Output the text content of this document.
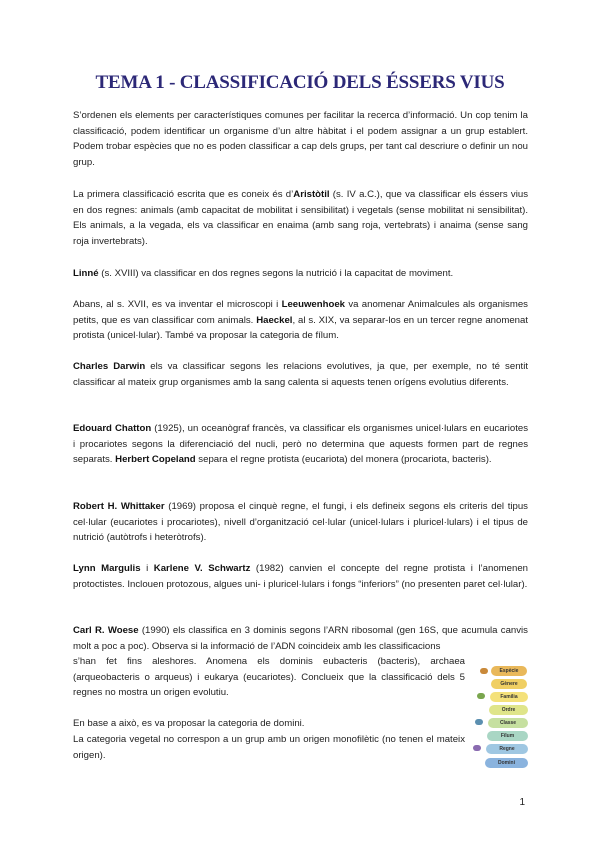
TEMA 1 - CLASSIFICACIÓ DELS ÉSSERS VIUS

S’ordenen els elements per característiques comunes per facilitar la recerca d’informació. Un cop tenim la classificació, podem identificar un organisme d’un altre hàbitat i el podem assignar a un grup establert. Podem trobar espècies que no es poden classificar a cap dels grups, per tant cal descriure o definir un nou grup.

La primera classificació escrita que es coneix és d’Aristòtil (s. IV a.C.), que va classificar els éssers vius en dos regnes: animals (amb capacitat de mobilitat i sensibilitat) i vegetals (sense mobilitat ni sensibilitat). Els animals, a la vegada, els va classificar en enaima (amb sang roja, vertebrats) i anaima (sense sang roja invertebrats).

Linné (s. XVIII) va classificar en dos regnes segons la nutrició i la capacitat de moviment.

Abans, al s. XVII, es va inventar el microscopi i Leeuwenhoek va anomenar Animalcules als organismes petits, que es van classificar com animals. Haeckel, al s. XIX, va separar-los en un tercer regne anomenat protista (unicel·lular). També va proposar la categoria de fílum.

Charles Darwin els va classificar segons les relacions evolutives, ja que, per exemple, no té sentit classificar al mateix grup organismes amb la sang calenta si aquests tenen orígens evolutius diferents.

Edouard Chatton (1925), un oceanògraf francès, va classificar els organismes unicel·lulars en eucariotes i procariotes segons la diferenciació del nucli, però no determina que aquests formen part de regnes separats. Herbert Copeland separa el regne protista (eucariota) del monera (procariota, bacteris).

Robert H. Whittaker (1969) proposa el cinquè regne, el fungi, i els defineix segons els criteris del tipus cel·lular (eucariotes i procariotes), nivell d’organització cel·lular (unicel·lulars i pluricel·lulars) i el tipus de nutrició (autòtrofs i heteròtrofs).

Lynn Margulis i Karlene V. Schwartz (1982) canvien el concepte del regne protista i l’anomenen protoctistes. Inclouen protozous, algues uni- i pluricel·lulars i fongs “inferiors” (no presenten paret cel·lular).

Carl R. Woese (1990) els classifica en 3 dominis segons l’ARN ribosomal (gen 16S, que acumula canvis molt a poc a poc). Observa si la informació de l’ADN coincideix amb les classificacions

s’han fet fins aleshores. Anomena els dominis eubacteris (bacteris), archaea (arqueobacteris o arqueus) i eukarya (eucariotes). Conclueix que la classificació dels 5 regnes no mostra un origen evolutiu.

En base a això, es va proposar la categoria de domini.

La categoria vegetal no correspon a un grup amb un origen monofilètic (no tenen el mateix origen).

Espècie
Gènere
Família
Ordre
Classe
Fílum
Regne
Domini
1
